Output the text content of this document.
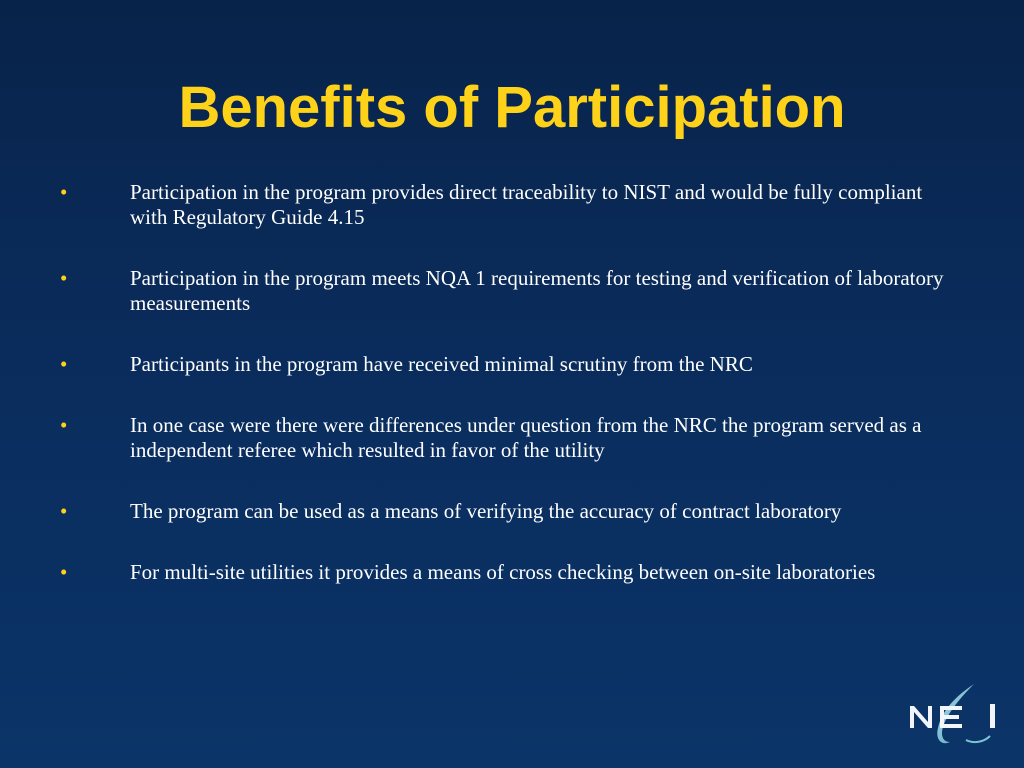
Benefits of Participation
•	Participation in the program provides direct traceability to NIST and would be fully compliant with Regulatory Guide 4.15
•	Participation in the program meets NQA 1 requirements for testing and verification of laboratory measurements
•	Participants in the program have received minimal scrutiny from the NRC
•	In one case were there were differences under question from the NRC the program served as a independent referee which resulted in favor of the utility
•	The program can be used as a means of verifying the accuracy of contract laboratory
•	For multi-site utilities it provides a means of cross checking between on-site laboratories
